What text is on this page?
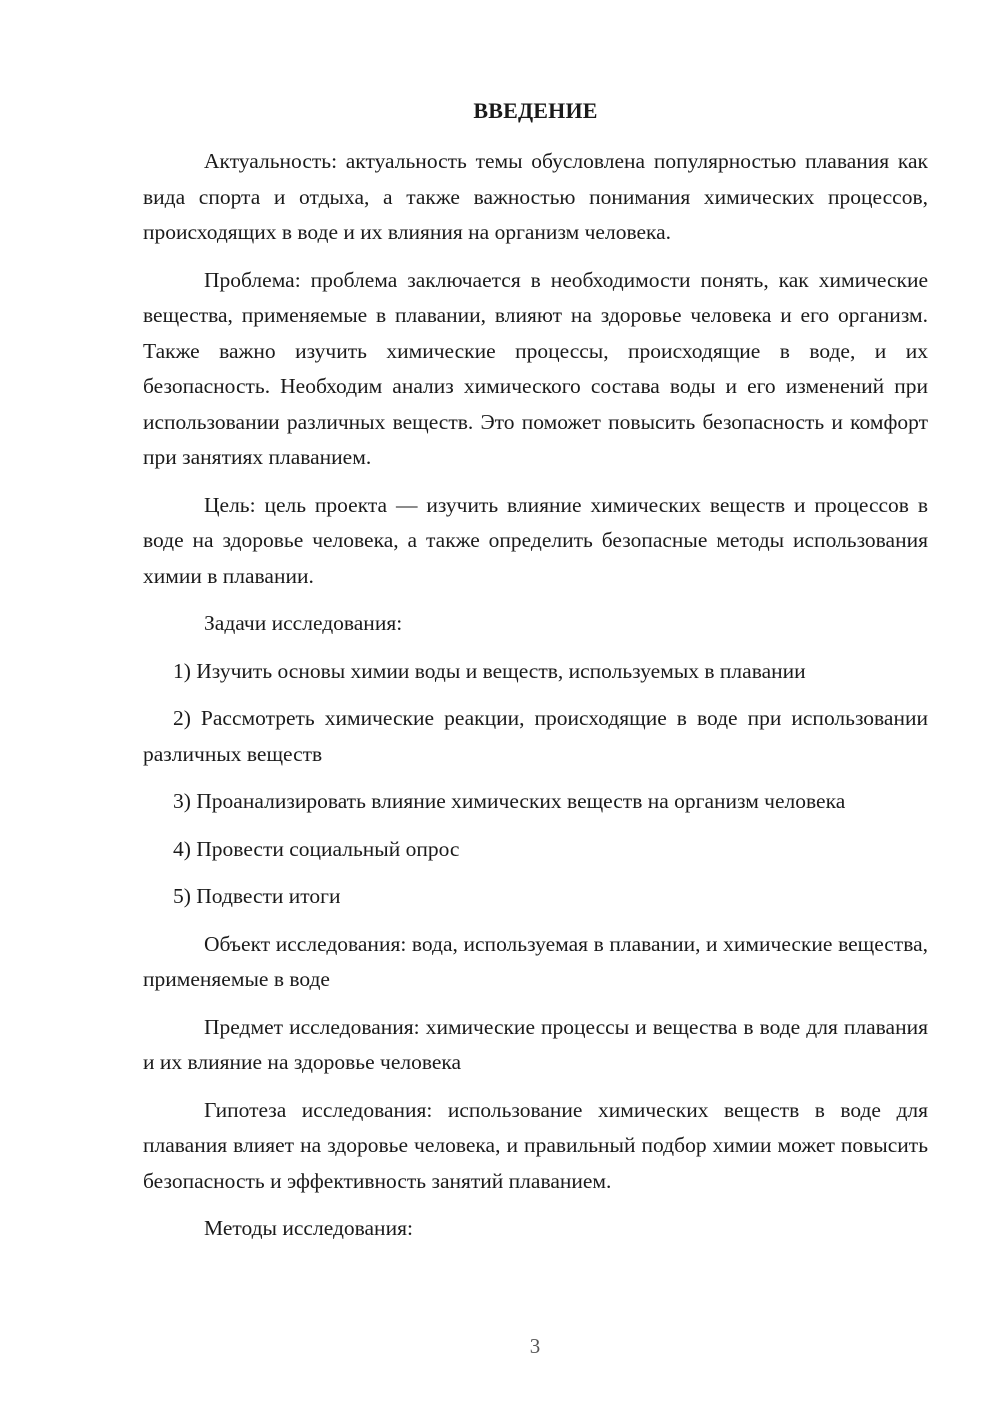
ВВЕДЕНИЕ

Актуальность: актуальность темы обусловлена популярностью плавания как вида спорта и отдыха, а также важностью понимания химических процессов, происходящих в воде и их влияния на организм человека.

Проблема: проблема заключается в необходимости понять, как химические вещества, применяемые в плавании, влияют на здоровье человека и его организм. Также важно изучить химические процессы, происходящие в воде, и их безопасность. Необходим анализ химического состава воды и его изменений при использовании различных веществ. Это поможет повысить безопасность и комфорт при занятиях плаванием.

Цель: цель проекта — изучить влияние химических веществ и процессов в воде на здоровье человека, а также определить безопасные методы использования химии в плавании.

Задачи исследования:

1) Изучить основы химии воды и веществ, используемых в плавании

2) Рассмотреть химические реакции, происходящие в воде при использовании различных веществ

3) Проанализировать влияние химических веществ на организм человека

4) Провести социальный опрос

5) Подвести итоги

Объект исследования: вода, используемая в плавании, и химические вещества, применяемые в воде

Предмет исследования: химические процессы и вещества в воде для плавания и их влияние на здоровье человека

Гипотеза исследования: использование химических веществ в воде для плавания влияет на здоровье человека, и правильный подбор химии может повысить безопасность и эффективность занятий плаванием.

Методы исследования:

3
